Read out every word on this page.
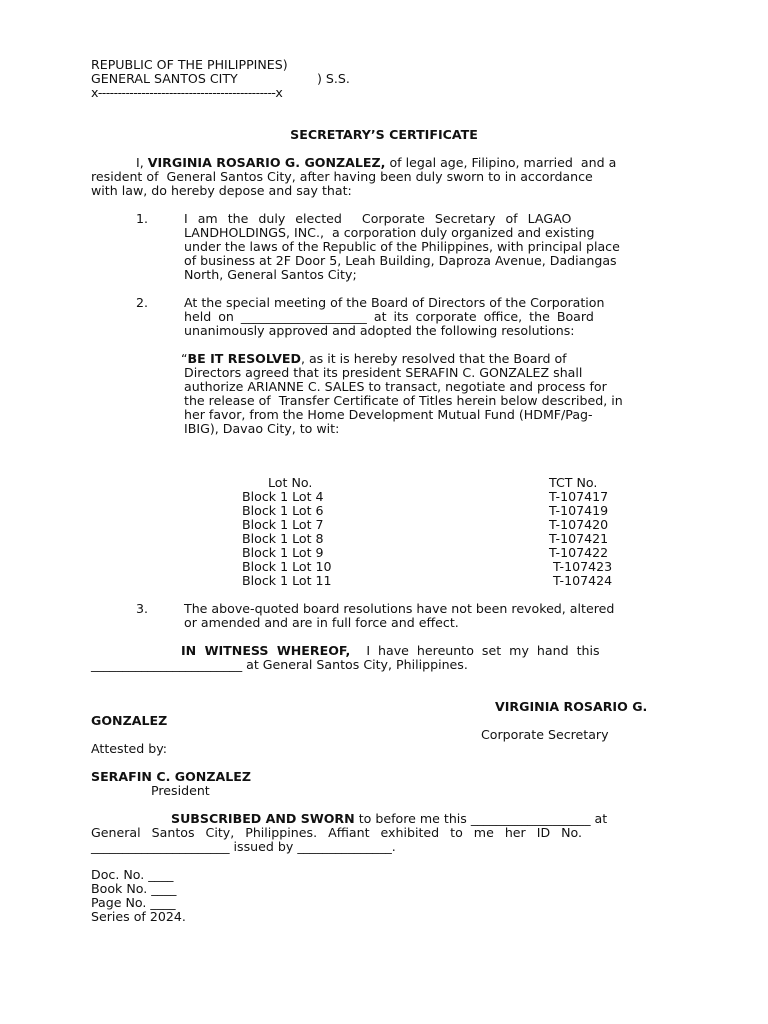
REPUBLIC OF THE PHILIPPINES)
GENERAL SANTOS CITY	) S.S.
x---------------------------------------------x
SECRETARY’S CERTIFICATE
I,
VIRGINIA ROSARIO G. GONZALEZ,
of legal age, Filipino, married  and a
resident of  General Santos City, after having been duly sworn to in accordance
with law, do hereby depose and say that:
1.	I am the duly elected  Corporate Secretary of LAGAO
LANDHOLDINGS, INC.,  a corporation duly organized and existing
under the laws of the Republic of the Philippines, with principal place
of business at 2F Door 5, Leah Building, Daproza Avenue, Dadiangas
North, General Santos City;
2.	At the special meeting of the Board of Directors of the Corporation
held on ____________________ at its corporate office, the Board
unanimously approved and adopted the following resolutions:
“ BE IT RESOLVED , as it is hereby resolved that the Board of
Directors agreed that its president SERAFIN C. GONZALEZ shall
authorize ARIANNE C. SALES to transact, negotiate and process for
the release of  Transfer Certificate of Titles herein below described, in
her favor, from the Home Development Mutual Fund (HDMF/Pag-
IBIG), Davao City, to wit:
Lot No.	TCT No.
Block 1 Lot 4	T-107417
Block 1 Lot 6	T-107419
Block 1 Lot 7	T-107420
Block 1 Lot 8	T-107421
Block 1 Lot 9	T-107422
Block 1 Lot 10	T-107423
Block 1 Lot 11	T-107424
3.	The above-quoted board resolutions have not been revoked, altered
or amended and are in full force and effect.
IN WITNESS WHEREOF,
I have hereunto set my hand this
________________________ at General Santos City, Philippines.
VIRGINIA ROSARIO G.
GONZALEZ
Corporate Secretary
Attested by:
SERAFIN C. GONZALEZ
President
SUBSCRIBED AND SWORN
to before me this ___________________ at
General Santos City, Philippines. Affiant exhibited to me her ID No.
______________________ issued by _______________.
Doc. No. ____
Book No. ____
Page No. ____
Series of 2024.
